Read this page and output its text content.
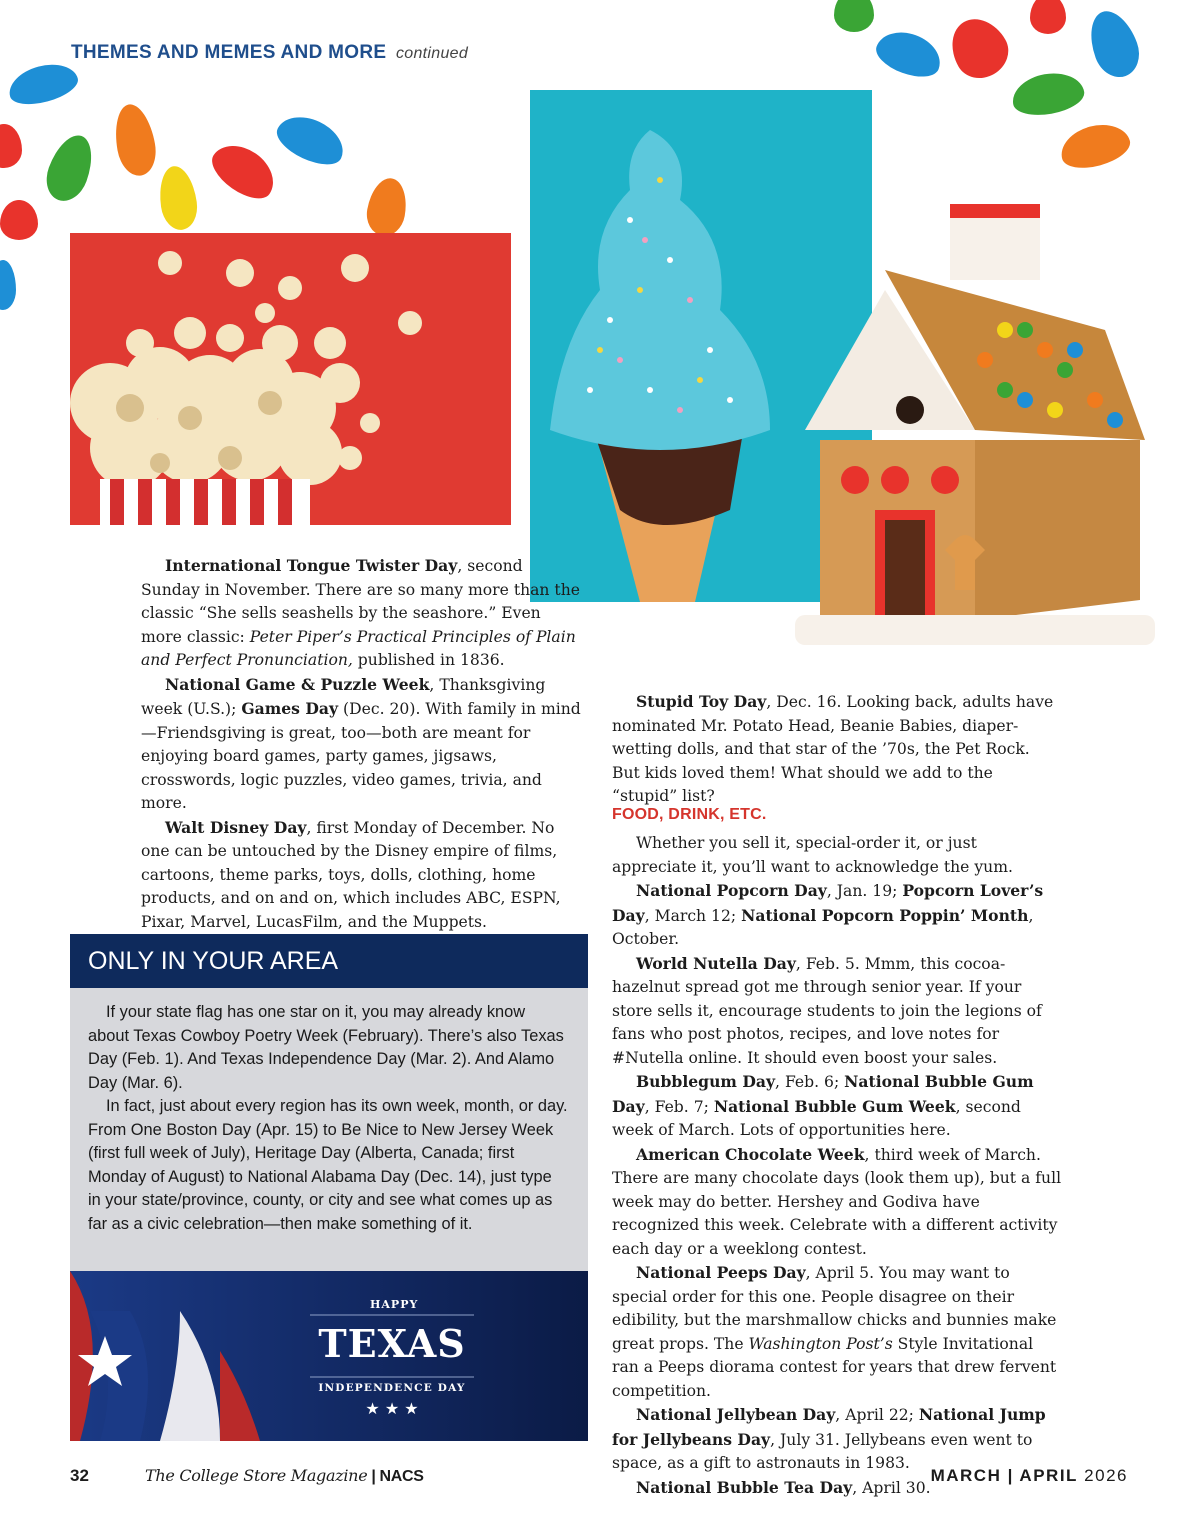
THEMES AND MEMES AND MORE continued

International Tongue Twister Day, second Sunday in November. There are so many more than the classic “She sells seashells by the seashore.” Even more classic: Peter Piper’s Practical Principles of Plain and Perfect Pronunciation, published in 1836.

National Game & Puzzle Week, Thanksgiving week (U.S.); Games Day (Dec. 20). With family in mind—Friendsgiving is great, too—both are meant for enjoying board games, party games, jigsaws, crosswords, logic puzzles, video games, trivia, and more.

Walt Disney Day, first Monday of December. No one can be untouched by the Disney empire of films, cartoons, theme parks, toys, dolls, clothing, home products, and on and on, which includes ABC, ESPN, Pixar, Marvel, LucasFilm, and the Muppets.

ONLY IN YOUR AREA

If your state flag has one star on it, you may already know about Texas Cowboy Poetry Week (February). There’s also Texas Day (Feb. 1). And Texas Independence Day (Mar. 2). And Alamo Day (Mar. 6).

In fact, just about every region has its own week, month, or day. From One Boston Day (Apr. 15) to Be Nice to New Jersey Week (first full week of July), Heritage Day (Alberta, Canada; first Monday of August) to National Alabama Day (Dec. 14), just type in your state/province, county, or city and see what comes up as far as a civic celebration—then make something of it.

HAPPY
TEXAS
INDEPENDENCE DAY
★ ★ ★

Stupid Toy Day, Dec. 16. Looking back, adults have nominated Mr. Potato Head, Beanie Babies, diaper-wetting dolls, and that star of the ’70s, the Pet Rock. But kids loved them! What should we add to the “stupid” list?

FOOD, DRINK, ETC.

Whether you sell it, special-order it, or just appreciate it, you’ll want to acknowledge the yum.

National Popcorn Day, Jan. 19; Popcorn Lover’s Day, March 12; National Popcorn Poppin’ Month, October.

World Nutella Day, Feb. 5. Mmm, this cocoa-hazelnut spread got me through senior year. If your store sells it, encourage students to join the legions of fans who post photos, recipes, and love notes for #Nutella online. It should even boost your sales.

Bubblegum Day, Feb. 6; National Bubble Gum Day, Feb. 7; National Bubble Gum Week, second week of March. Lots of opportunities here.

American Chocolate Week, third week of March. There are many chocolate days (look them up), but a full week may do better. Hershey and Godiva have recognized this week. Celebrate with a different activity each day or a weeklong contest.

National Peeps Day, April 5. You may want to special order for this one. People disagree on their edibility, but the marshmallow chicks and bunnies make great props. The Washington Post’s Style Invitational ran a Peeps diorama contest for years that drew fervent competition.

National Jellybean Day, April 22; National Jump for Jellybeans Day, July 31. Jellybeans even went to space, as a gift to astronauts in 1983.

National Bubble Tea Day, April 30.

32	The College Store Magazine | NACS	MARCH | APRIL 2026
